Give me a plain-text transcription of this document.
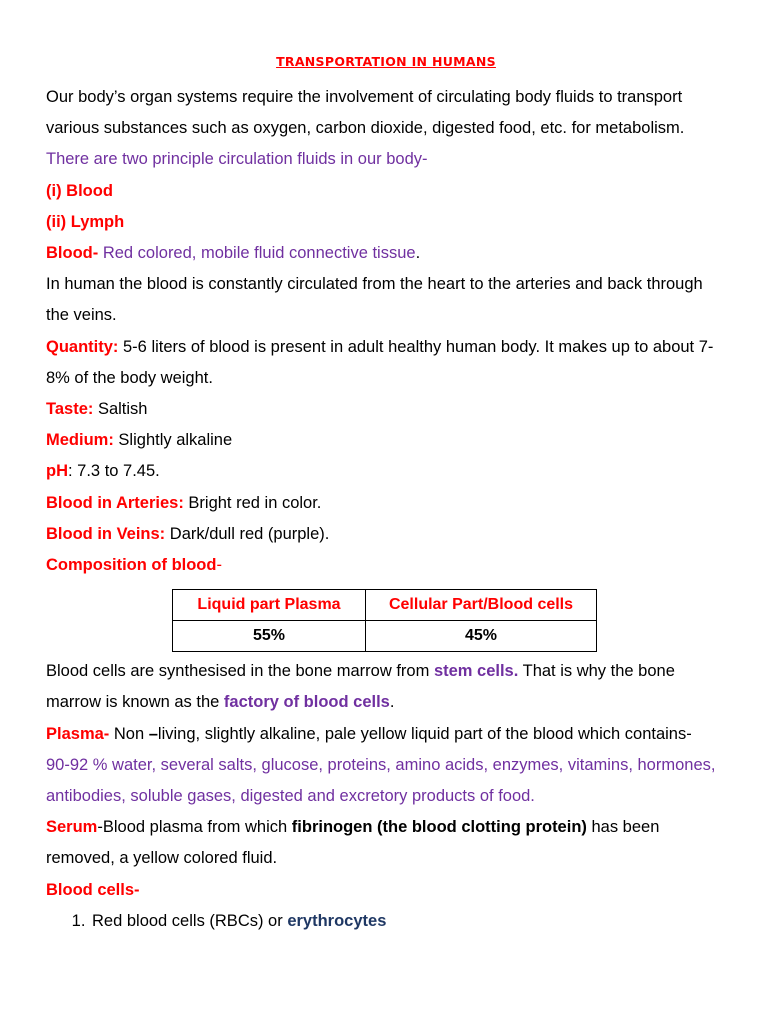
TRANSPORTATION IN HUMANS

Our body’s organ systems require the involvement of circulating body fluids to transport various substances such as oxygen, carbon dioxide, digested food, etc. for metabolism.

There are two principle circulation fluids in our body-

(i) Blood

(ii) Lymph

Blood- Red colored, mobile fluid connective tissue.

In human the blood is constantly circulated from the heart to the arteries and back through the veins.

Quantity: 5-6 liters of blood is present in adult healthy human body. It makes up to about 7-8% of the body weight.

Taste: Saltish

Medium: Slightly alkaline

pH: 7.3 to 7.45.

Blood in Arteries: Bright red in color.

Blood in Veins: Dark/dull red (purple).

Composition of blood-

Liquid part Plasma	Cellular Part/Blood cells
55%	45%

Blood cells are synthesised in the bone marrow from stem cells. That is why the bone marrow is known as the factory of blood cells.

Plasma- Non –living, slightly alkaline, pale yellow liquid part of the blood which contains-

90-92 % water, several salts, glucose, proteins, amino acids, enzymes, vitamins, hormones, antibodies, soluble gases, digested and excretory products of food.

Serum-Blood plasma from which fibrinogen (the blood clotting protein) has been removed, a yellow colored fluid.

Blood cells-

1. Red blood cells (RBCs) or erythrocytes
